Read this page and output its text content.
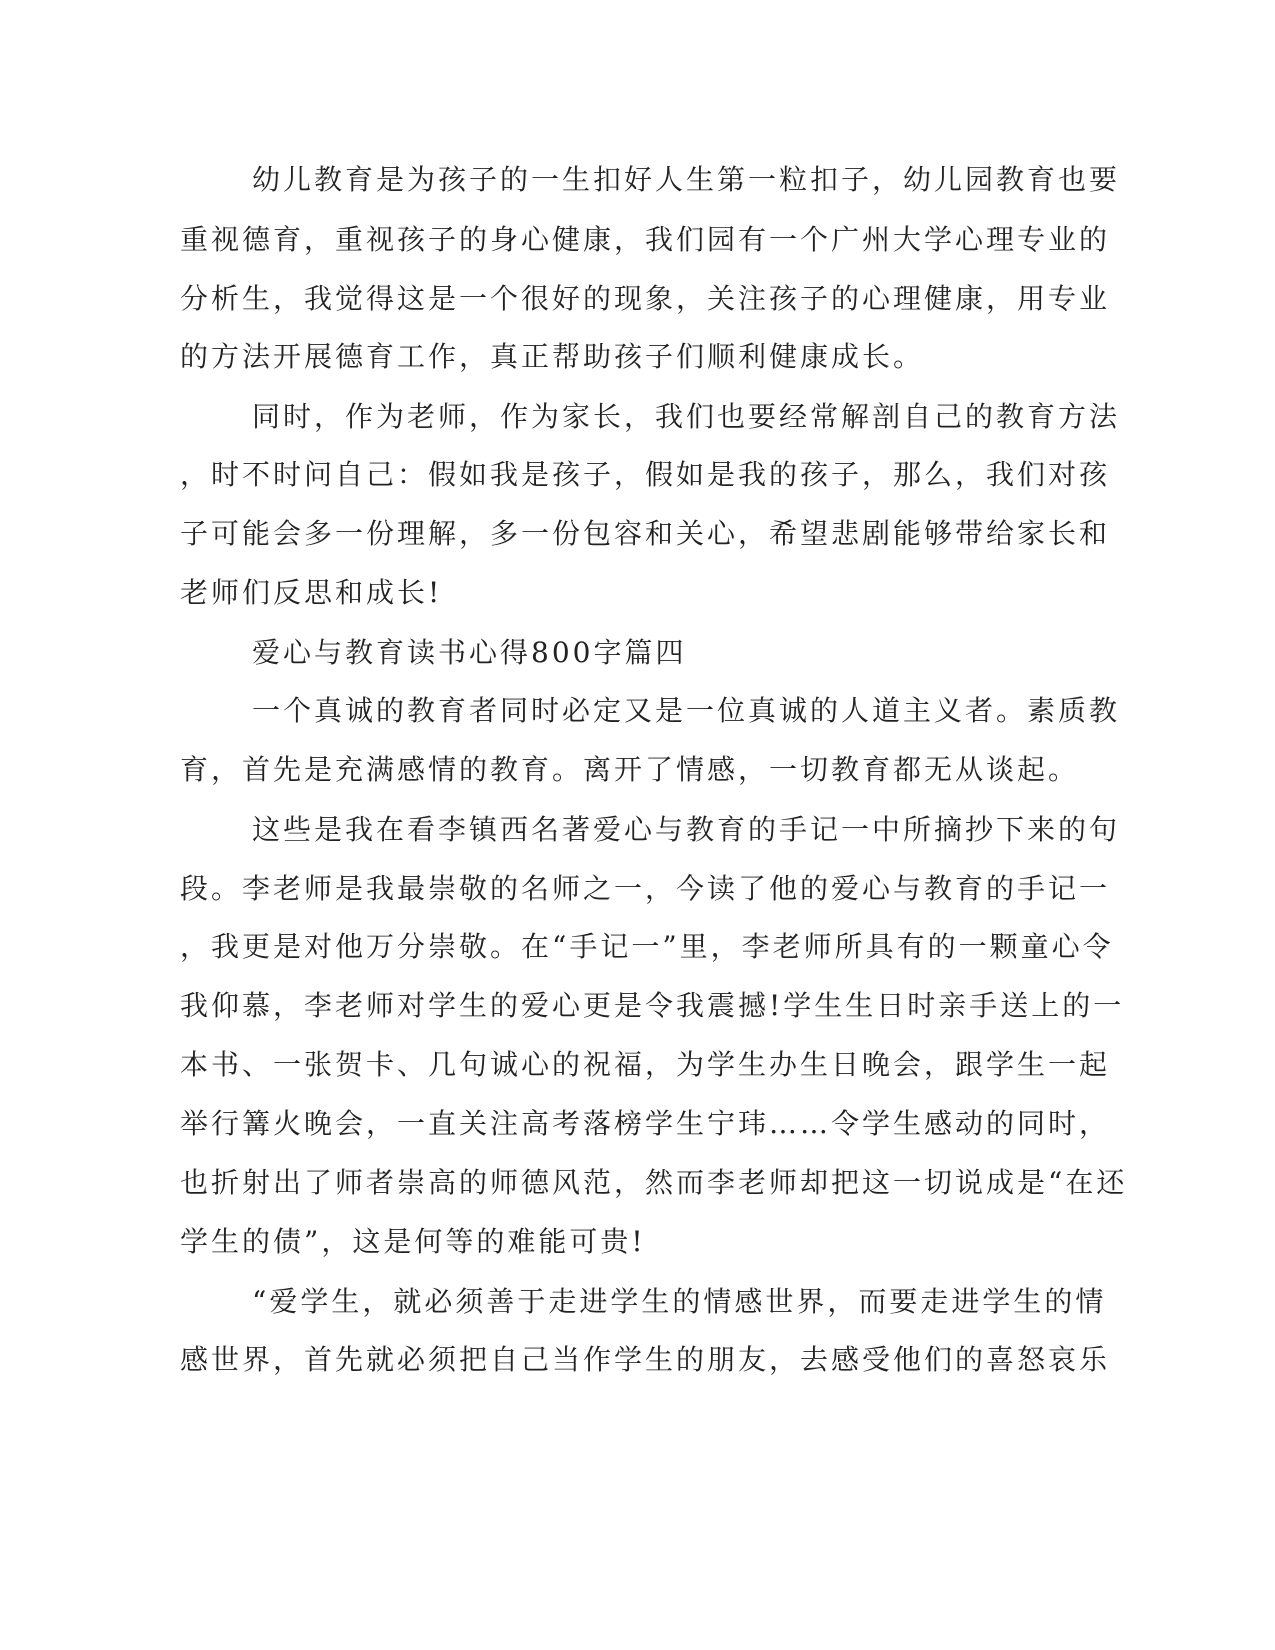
幼儿教育是为孩子的一生扣好人生第一粒扣子，幼儿园教育也要
重视德育，重视孩子的身心健康，我们园有一个广州大学心理专业的
分析生，我觉得这是一个很好的现象，关注孩子的心理健康，用专业
的方法开展德育工作，真正帮助孩子们顺利健康成长。
同时，作为老师，作为家长，我们也要经常解剖自己的教育方法
，时不时问自己：假如我是孩子，假如是我的孩子，那么，我们对孩
子可能会多一份理解，多一份包容和关心，希望悲剧能够带给家长和
老师们反思和成长!
爱心与教育读书心得800字篇四
一个真诚的教育者同时必定又是一位真诚的人道主义者。素质教
育，首先是充满感情的教育。离开了情感，一切教育都无从谈起。
这些是我在看李镇西名著爱心与教育的手记一中所摘抄下来的句
段。李老师是我最崇敬的名师之一，今读了他的爱心与教育的手记一
，我更是对他万分崇敬。在“手记一”里，李老师所具有的一颗童心令
我仰慕，李老师对学生的爱心更是令我震撼!学生生日时亲手送上的一
本书、一张贺卡、几句诚心的祝福，为学生办生日晚会，跟学生一起
举行篝火晚会，一直关注高考落榜学生宁玮……令学生感动的同时，
也折射出了师者崇高的师德风范，然而李老师却把这一切说成是“在还
学生的债”，这是何等的难能可贵!
“爱学生，就必须善于走进学生的情感世界，而要走进学生的情
感世界，首先就必须把自己当作学生的朋友，去感受他们的喜怒哀乐
